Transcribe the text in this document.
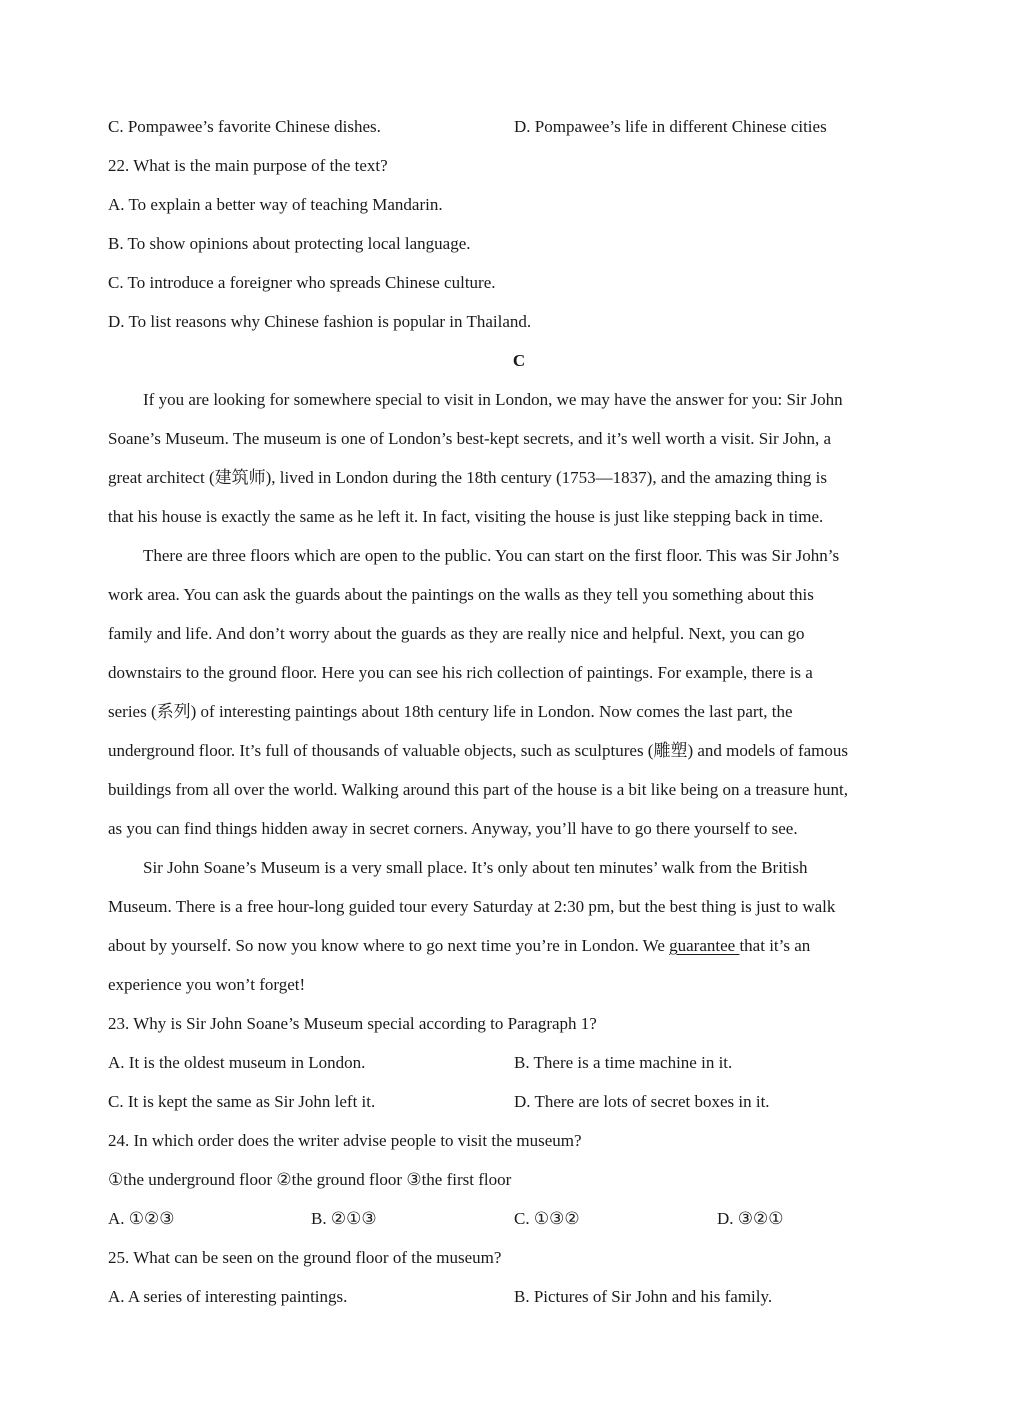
C. Pompawee’s favorite Chinese dishes.	D. Pompawee’s life in different Chinese cities
22. What is the main purpose of the text?
A. To explain a better way of teaching Mandarin.
B. To show opinions about protecting local language.
C. To introduce a foreigner who spreads Chinese culture.
D. To list reasons why Chinese fashion is popular in Thailand.
C
If you are looking for somewhere special to visit in London, we may have the answer for you: Sir John
Soane’s Museum. The museum is one of London’s best-kept secrets, and it’s well worth a visit. Sir John, a
great architect (建筑师), lived in London during the 18th century (1753—1837), and the amazing thing is
that his house is exactly the same as he left it. In fact, visiting the house is just like stepping back in time.
There are three floors which are open to the public. You can start on the first floor. This was Sir John’s
work area. You can ask the guards about the paintings on the walls as they tell you something about this
family and life. And don’t worry about the guards as they are really nice and helpful. Next, you can go
downstairs to the ground floor. Here you can see his rich collection of paintings. For example, there is a
series (系列) of interesting paintings about 18th century life in London. Now comes the last part, the
underground floor. It’s full of thousands of valuable objects, such as sculptures (雕塑) and models of famous
buildings from all over the world. Walking around this part of the house is a bit like being on a treasure hunt,
as you can find things hidden away in secret corners. Anyway, you’ll have to go there yourself to see.
Sir John Soane’s Museum is a very small place. It’s only about ten minutes’ walk from the British
Museum. There is a free hour-long guided tour every Saturday at 2:30 pm, but the best thing is just to walk
about by yourself. So now you know where to go next time you’re in London. We guarantee that it’s an
experience you won’t forget!
23. Why is Sir John Soane’s Museum special according to Paragraph 1?
A. It is the oldest museum in London.	B. There is a time machine in it.
C. It is kept the same as Sir John left it.	D. There are lots of secret boxes in it.
24. In which order does the writer advise people to visit the museum?
①the underground floor ②the ground floor ③the first floor
A. ①②③	B. ②①③	C. ①③②	D. ③②①
25. What can be seen on the ground floor of the museum?
A. A series of interesting paintings.	B. Pictures of Sir John and his family.
